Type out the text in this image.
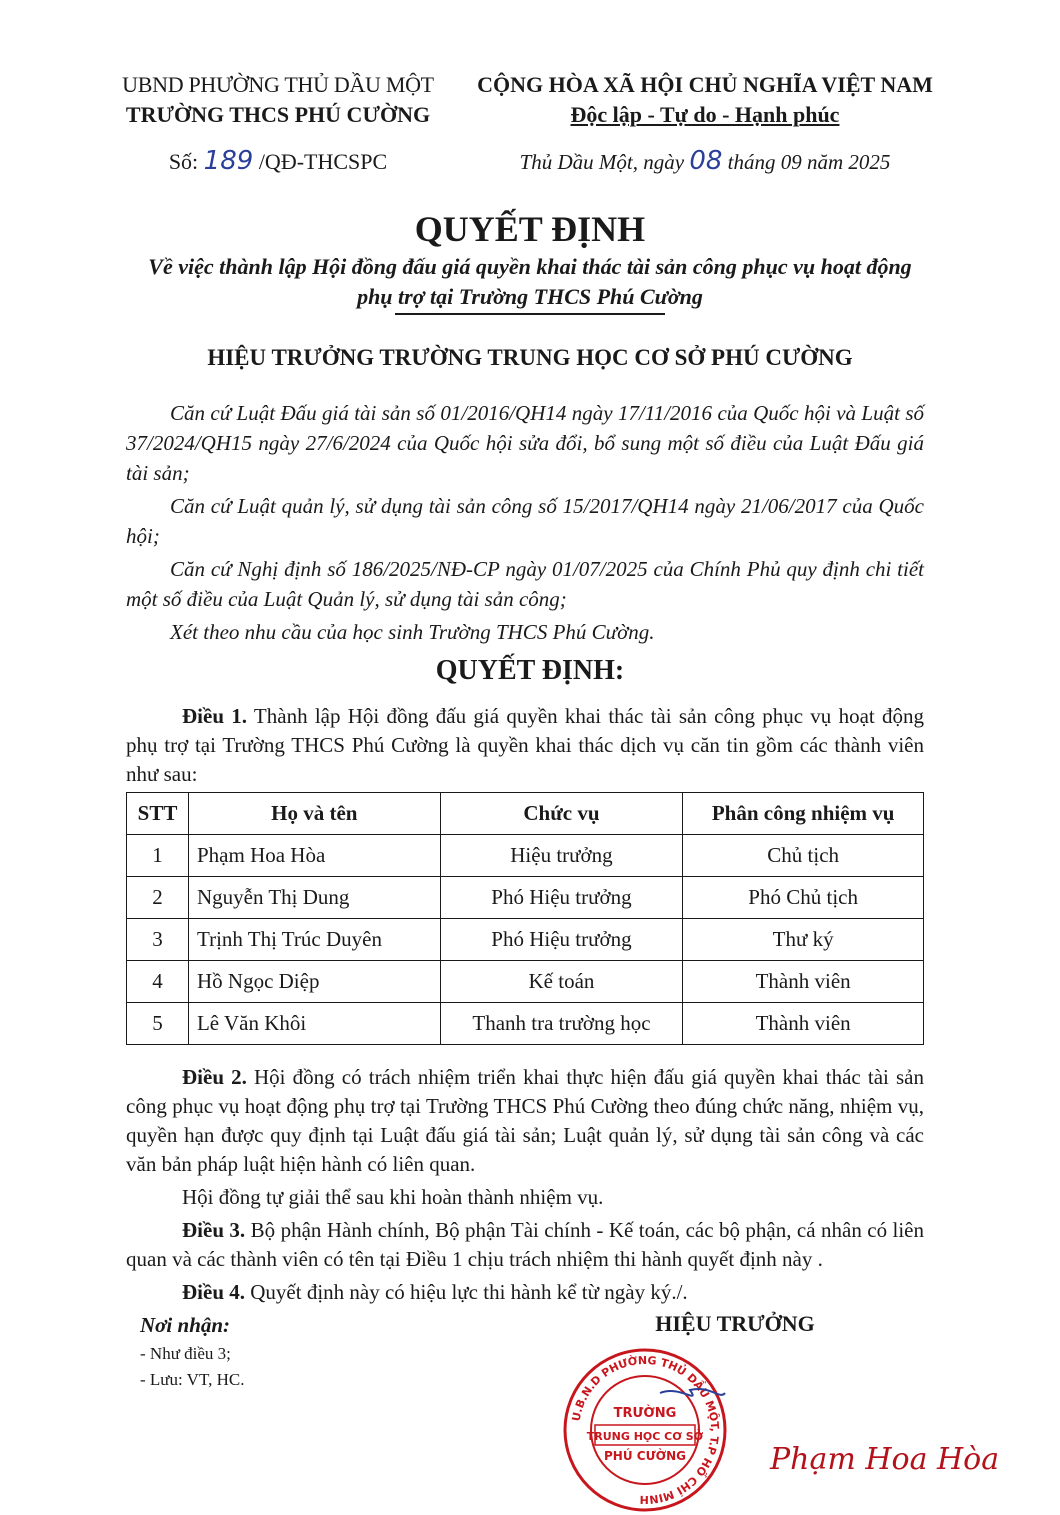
UBND PHƯỜNG THỦ DẦU MỘT
TRƯỜNG THCS PHÚ CƯỜNG
Số: 189 /QĐ-THCSPC
CỘNG HÒA XÃ HỘI CHỦ NGHĨA VIỆT NAM
Độc lập - Tự do - Hạnh phúc
Thủ Dầu Một, ngày 08 tháng 09 năm 2025
QUYẾT ĐỊNH
Về việc thành lập Hội đồng đấu giá quyền khai thác tài sản công phục vụ hoạt động
phụ trợ tại Trường THCS Phú Cường
HIỆU TRƯỞNG TRƯỜNG TRUNG HỌC CƠ SỞ PHÚ CƯỜNG

Căn cứ Luật Đấu giá tài sản số 01/2016/QH14 ngày 17/11/2016 của Quốc hội và Luật số 37/2024/QH15 ngày 27/6/2024 của Quốc hội sửa đổi, bổ sung một số điều của Luật Đấu giá tài sản;

Căn cứ Luật quản lý, sử dụng tài sản công số 15/2017/QH14 ngày 21/06/2017 của Quốc hội;

Căn cứ Nghị định số 186/2025/NĐ-CP ngày 01/07/2025 của Chính Phủ quy định chi tiết một số điều của Luật Quản lý, sử dụng tài sản công;

Xét theo nhu cầu của học sinh Trường THCS Phú Cường.

QUYẾT ĐỊNH:
Điều 1. Thành lập Hội đồng đấu giá quyền khai thác tài sản công phục vụ hoạt động phụ trợ tại Trường THCS Phú Cường là quyền khai thác dịch vụ căn tin gồm các thành viên như sau:
STT	Họ và tên	Chức vụ	Phân công nhiệm vụ
1	Phạm Hoa Hòa	Hiệu trưởng	Chủ tịch
2	Nguyễn Thị Dung	Phó Hiệu trưởng	Phó Chủ tịch
3	Trịnh Thị Trúc Duyên	Phó Hiệu trưởng	Thư ký
4	Hồ Ngọc Diệp	Kế toán	Thành viên
5	Lê Văn Khôi	Thanh tra trường học	Thành viên

Điều 2. Hội đồng có trách nhiệm triển khai thực hiện đấu giá quyền khai thác tài sản công phục vụ hoạt động phụ trợ tại Trường THCS Phú Cường theo đúng chức năng, nhiệm vụ, quyền hạn được quy định tại Luật đấu giá tài sản; Luật quản lý, sử dụng tài sản công và các văn bản pháp luật hiện hành có liên quan.

Hội đồng tự giải thể sau khi hoàn thành nhiệm vụ.

Điều 3. Bộ phận Hành chính, Bộ phận Tài chính - Kế toán, các bộ phận, cá nhân có liên quan và các thành viên có tên tại Điều 1 chịu trách nhiệm thi hành quyết định này .

Điều 4. Quyết định này có hiệu lực thi hành kể từ ngày ký./.

Nơi nhận:
- Như điều 3;
- Lưu: VT, HC.
HIỆU TRƯỞNG
U.B.N.D PHƯỜNG THỦ DẦU MỘT, T.P HỒ CHÍ MINH
TRƯỜNG
TRUNG HỌC CƠ SỞ
PHÚ CƯỜNG	Phạm Hoa Hòa
